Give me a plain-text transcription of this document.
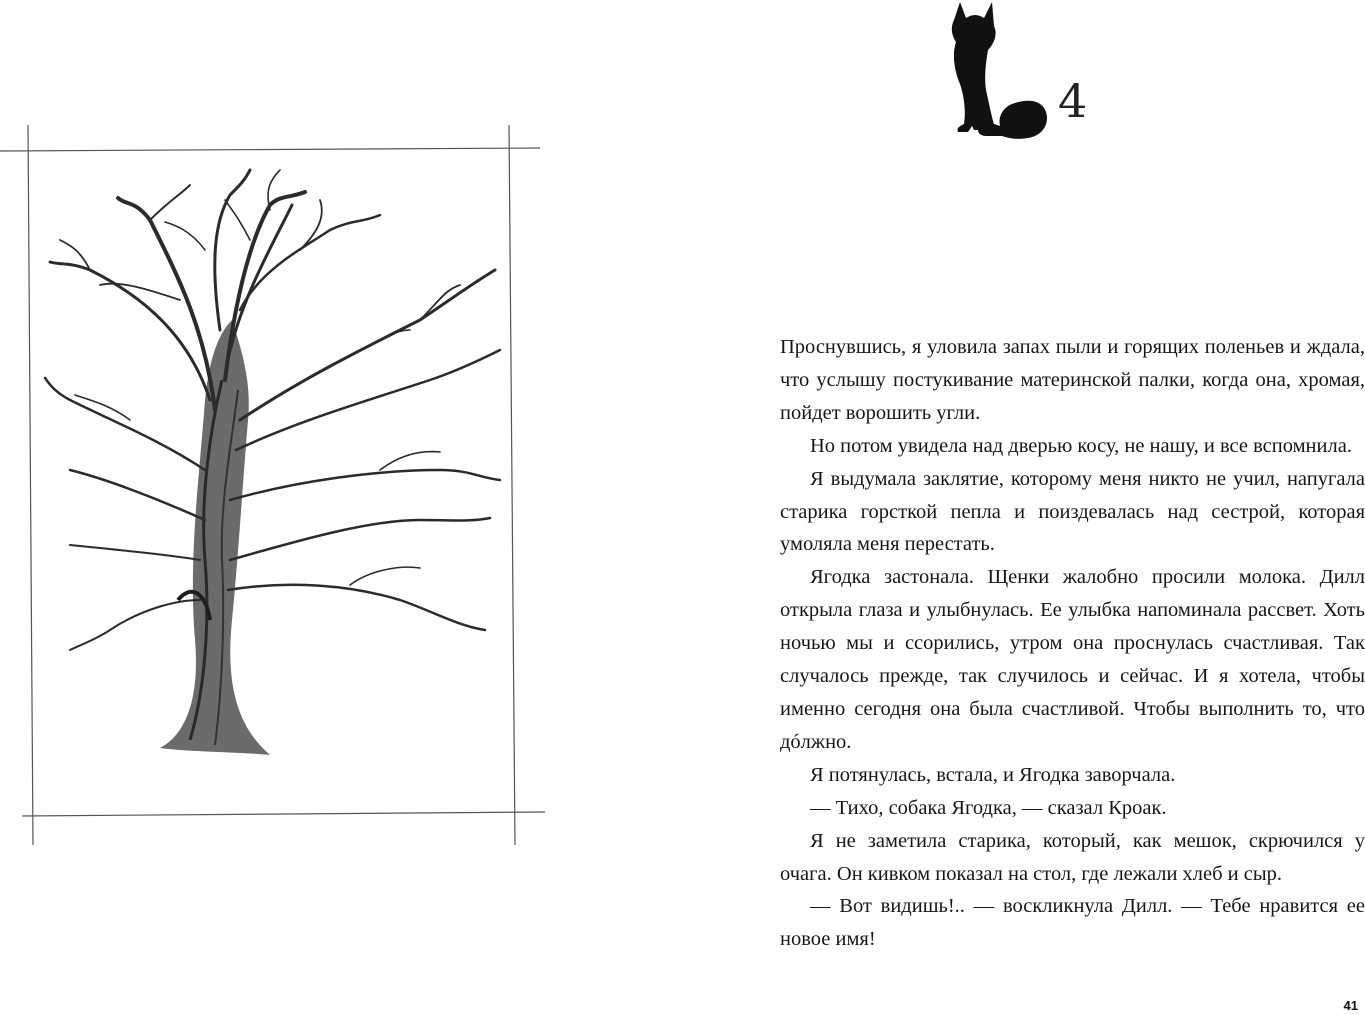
4

Проснувшись, я уловила запах пыли и горящих поленьев и ждала, что услышу постукивание материнской палки, когда она, хромая, пойдет ворошить угли.

Но потом увидела над дверью косу, не нашу, и все вспомнила.

Я выдумала заклятие, которому меня никто не учил, напугала старика горсткой пепла и поиздевалась над сестрой, которая умоляла меня перестать.

Ягодка застонала. Щенки жалобно просили молока. Дилл открыла глаза и улыбнулась. Ее улыбка напоминала рассвет. Хоть ночью мы и ссорились, утром она проснулась счастливая. Так случалось прежде, так случилось и сейчас. И я хотела, чтобы именно сегодня она была счастливой. Чтобы выполнить то, что дóлжно.

Я потянулась, встала, и Ягодка заворчала.

— Тихо, собака Ягодка, — сказал Кроак.

Я не заметила старика, который, как мешок, скрючился у очага. Он кивком показал на стол, где лежали хлеб и сыр.

— Вот видишь!.. — воскликнула Дилл. — Тебе нравится ее новое имя!

41
